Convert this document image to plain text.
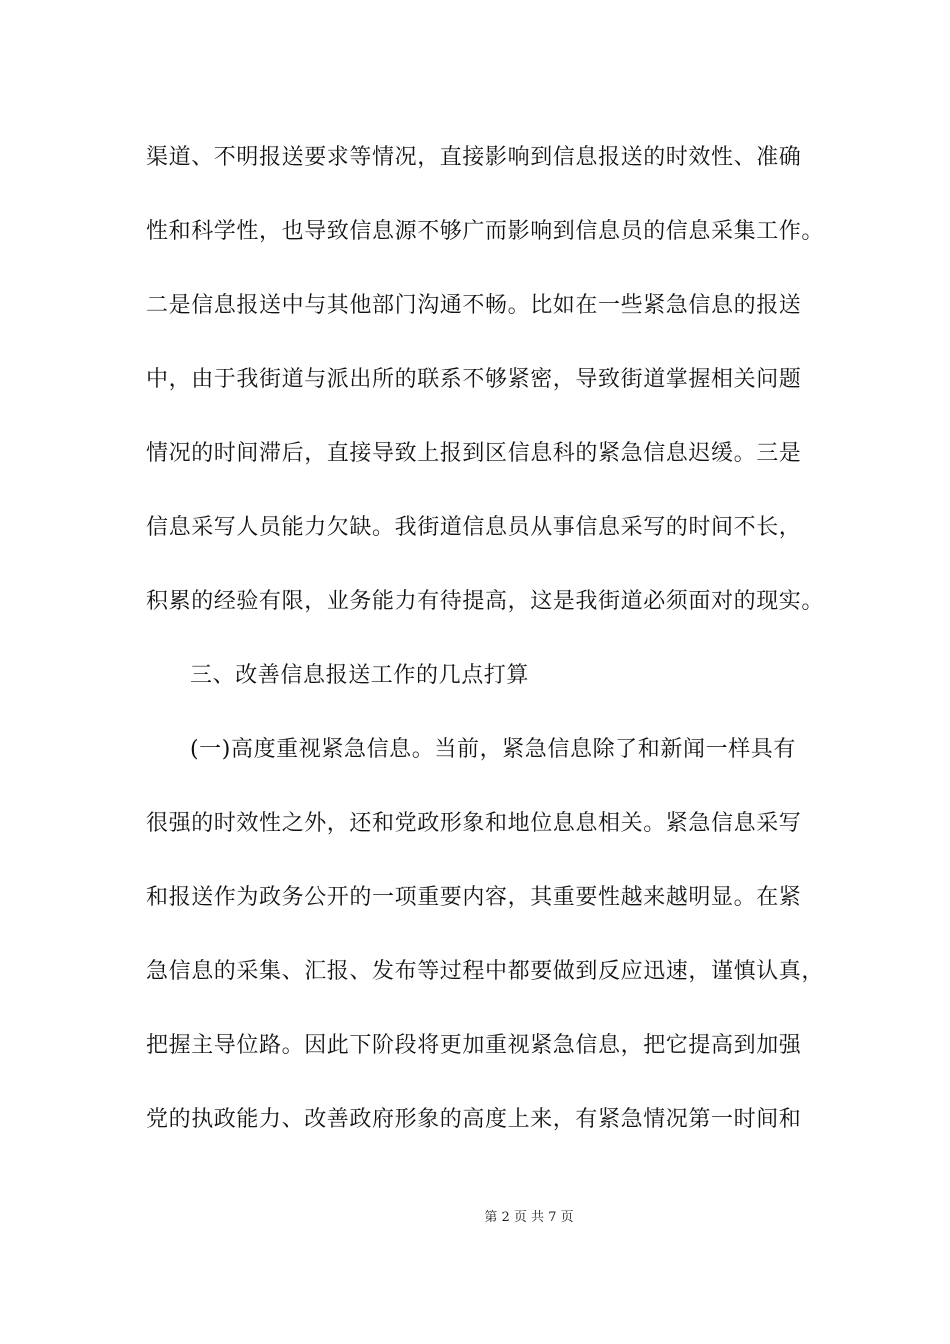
渠道、不明报送要求等情况，直接影响到信息报送的时效性、准确
性和科学性，也导致信息源不够广而影响到信息员的信息采集工作。
二是信息报送中与其他部门沟通不畅。比如在一些紧急信息的报送
中，由于我街道与派出所的联系不够紧密，导致街道掌握相关问题
情况的时间滞后，直接导致上报到区信息科的紧急信息迟缓。三是
信息采写人员能力欠缺。我街道信息员从事信息采写的时间不长，
积累的经验有限，业务能力有待提高，这是我街道必须面对的现实。
三、改善信息报送工作的几点打算
(一)高度重视紧急信息。当前，紧急信息除了和新闻一样具有
很强的时效性之外，还和党政形象和地位息息相关。紧急信息采写
和报送作为政务公开的一项重要内容，其重要性越来越明显。在紧
急信息的采集、汇报、发布等过程中都要做到反应迅速，谨慎认真，
把握主导位路。因此下阶段将更加重视紧急信息，把它提高到加强
党的执政能力、改善政府形象的高度上来，有紧急情况第一时间和
第 2 页 共 7 页
